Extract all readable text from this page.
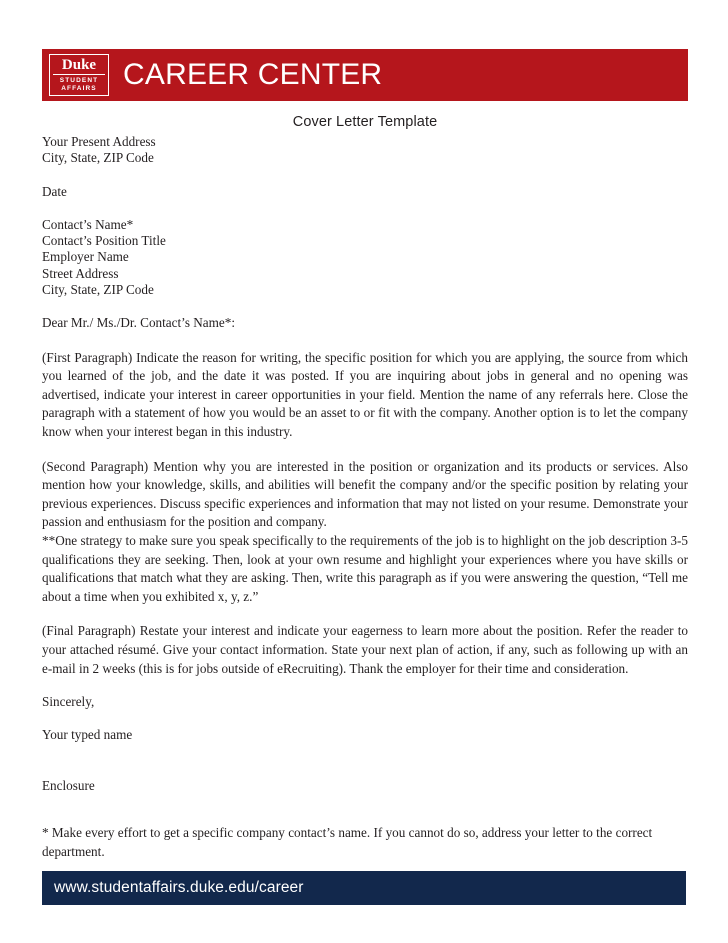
Duke
STUDENT
AFFAIRS CAREER CENTER
Cover Letter Template
Your Present Address
City, State, ZIP Code
Date
Contact’s Name*
Contact’s Position Title
Employer Name
Street Address
City, State, ZIP Code
Dear Mr./ Ms./Dr. Contact’s Name*:

(First Paragraph) Indicate the reason for writing, the specific position for which you are applying, the source from which you learned of the job, and the date it was posted. If you are inquiring about jobs in general and no opening was advertised, indicate your interest in career opportunities in your field. Mention the name of any referrals here. Close the paragraph with a statement of how you would be an asset to or fit with the company. Another option is to let the company know when your interest began in this industry.

(Second Paragraph) Mention why you are interested in the position or organization and its products or services. Also mention how your knowledge, skills, and abilities will benefit the company and/or the specific position by relating your previous experiences. Discuss specific experiences and information that may not listed on your resume. Demonstrate your passion and enthusiasm for the position and company.

**One strategy to make sure you speak specifically to the requirements of the job is to highlight on the job description 3-5 qualifications they are seeking. Then, look at your own resume and highlight your experiences where you have skills or qualifications that match what they are asking. Then, write this paragraph as if you were answering the question, “Tell me about a time when you exhibited x, y, z.”

(Final Paragraph) Restate your interest and indicate your eagerness to learn more about the position. Refer the reader to your attached résumé. Give your contact information. State your next plan of action, if any, such as following up with an e-mail in 2 weeks (this is for jobs outside of eRecruiting). Thank the employer for their time and consideration.

Sincerely,
Your typed name
Enclosure

* Make every effort to get a specific company contact’s name. If you cannot do so, address your letter to the correct department.

www.studentaffairs.duke.edu/career
